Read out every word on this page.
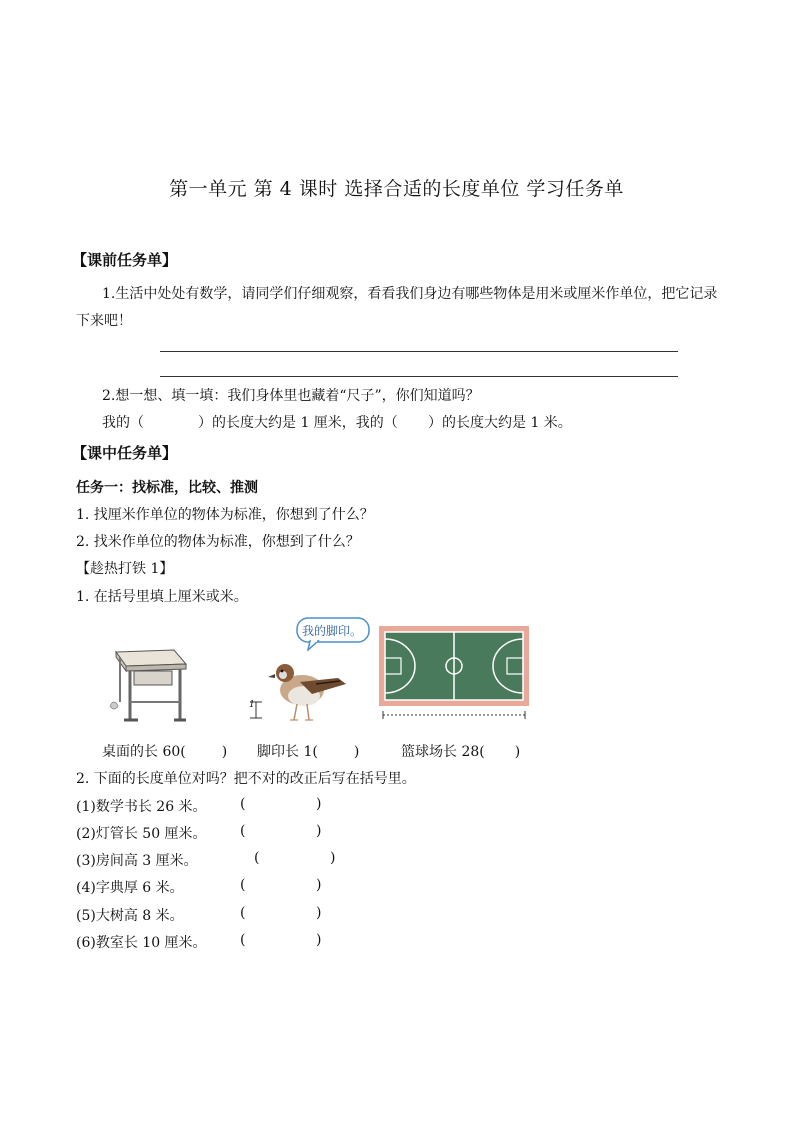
第一单元 第 4 课时 选择合适的长度单位 学习任务单
【课前任务单】
1.生活中处处有数学，请同学们仔细观察，看看我们身边有哪些物体是用米或厘米作单位，把它记录
下来吧！
2.想一想、填一填：我们身体里也藏着“尺子”，你们知道吗？
我的（	）的长度大约是 1 厘米，我的（ ）的长度大约是 1 米。
【课中任务单】
任务一：找标准，比较、推测
1. 找厘米作单位的物体为标准，你想到了什么？
2. 找米作单位的物体为标准，你想到了什么？
【趁热打铁 1】
1. 在括号里填上厘米或米。
我的脚印。
1
桌面的长 60(	) 脚印长 1(	)	篮球场长 28( )
2. 下面的长度单位对吗？把不对的改正后写在括号里。
(1)数学书长 26 米。 (	)
(2)灯管长 50 厘米。 (	)
(3)房间高 3 厘米。	(	)
(4)字典厚 6 米。	(	)
(5)大树高 8 米。	(	)
(6)教室长 10 厘米。 (	)
